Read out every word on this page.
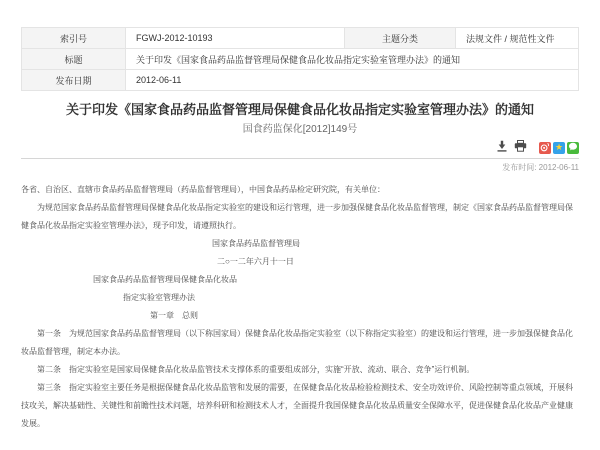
索引号	FGWJ-2012-10193	主题分类	法规文件 / 规范性文件
标题	关于印发《国家食品药品监督管理局保健食品化妆品指定实验室管理办法》的通知		
发布日期	2012-06-11		
关于印发《国家食品药品监督管理局保健食品化妆品指定实验室管理办法》的通知
国食药监保化[2012]149号
★
发布时间: 2012-06-11

各省、自治区、直辖市食品药品监督管理局（药品监督管理局），中国食品药品检定研究院，有关单位：

为规范国家食品药品监督管理局保健食品化妆品指定实验室的建设和运行管理，进一步加强保健食品化妆品监督管理，制定《国家食品药品监督管理局保健食品化妆品指定实验室管理办法》，现予印发，请遵照执行。

国家食品药品监督管理局

二○一二年六月十一日

国家食品药品监督管理局保健食品化妆品

指定实验室管理办法

第一章　总则

第一条　为规范国家食品药品监督管理局（以下称国家局）保健食品化妆品指定实验室（以下称指定实验室）的建设和运行管理，进一步加强保健食品化妆品监督管理，制定本办法。

第二条　指定实验室是国家局保健食品化妆品监管技术支撑体系的重要组成部分，实施“开放、流动、联合、竞争”运行机制。

第三条　指定实验室主要任务是根据保健食品化妆品监管和发展的需要，在保健食品化妆品检验检测技术、安全功效评价、风险控制等重点领域，开展科技攻关，解决基础性、关键性和前瞻性技术问题，培养科研和检测技术人才，全面提升我国保健食品化妆品质量安全保障水平，促进保健食品化妆品产业健康发展。
